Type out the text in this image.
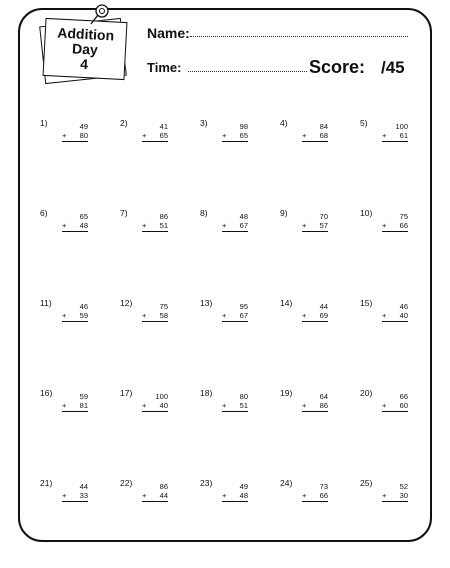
Addition
Day
4
Name:
Time:	Score: /45
1)	49
+ 80
2)	41
+ 65
3)	98
+ 65
4)	84
+ 68
5)	100
+ 61
6)	65
+ 48
7)	86
+ 51
8)	48
+ 67
9)	70
+ 57
10)	75
+ 66
11)	46
+ 59
12)	75
+ 58
13)	95
+ 67
14)	44
+ 69
15)	46
+ 40
16)	59
+ 81
17)	100
+ 40
18)	80
+ 51
19)	64
+ 86
20)	66
+ 60
21)	44
+ 33
22)	86
+ 44
23)	49
+ 48
24)	73
+ 66
25)	52
+ 30
